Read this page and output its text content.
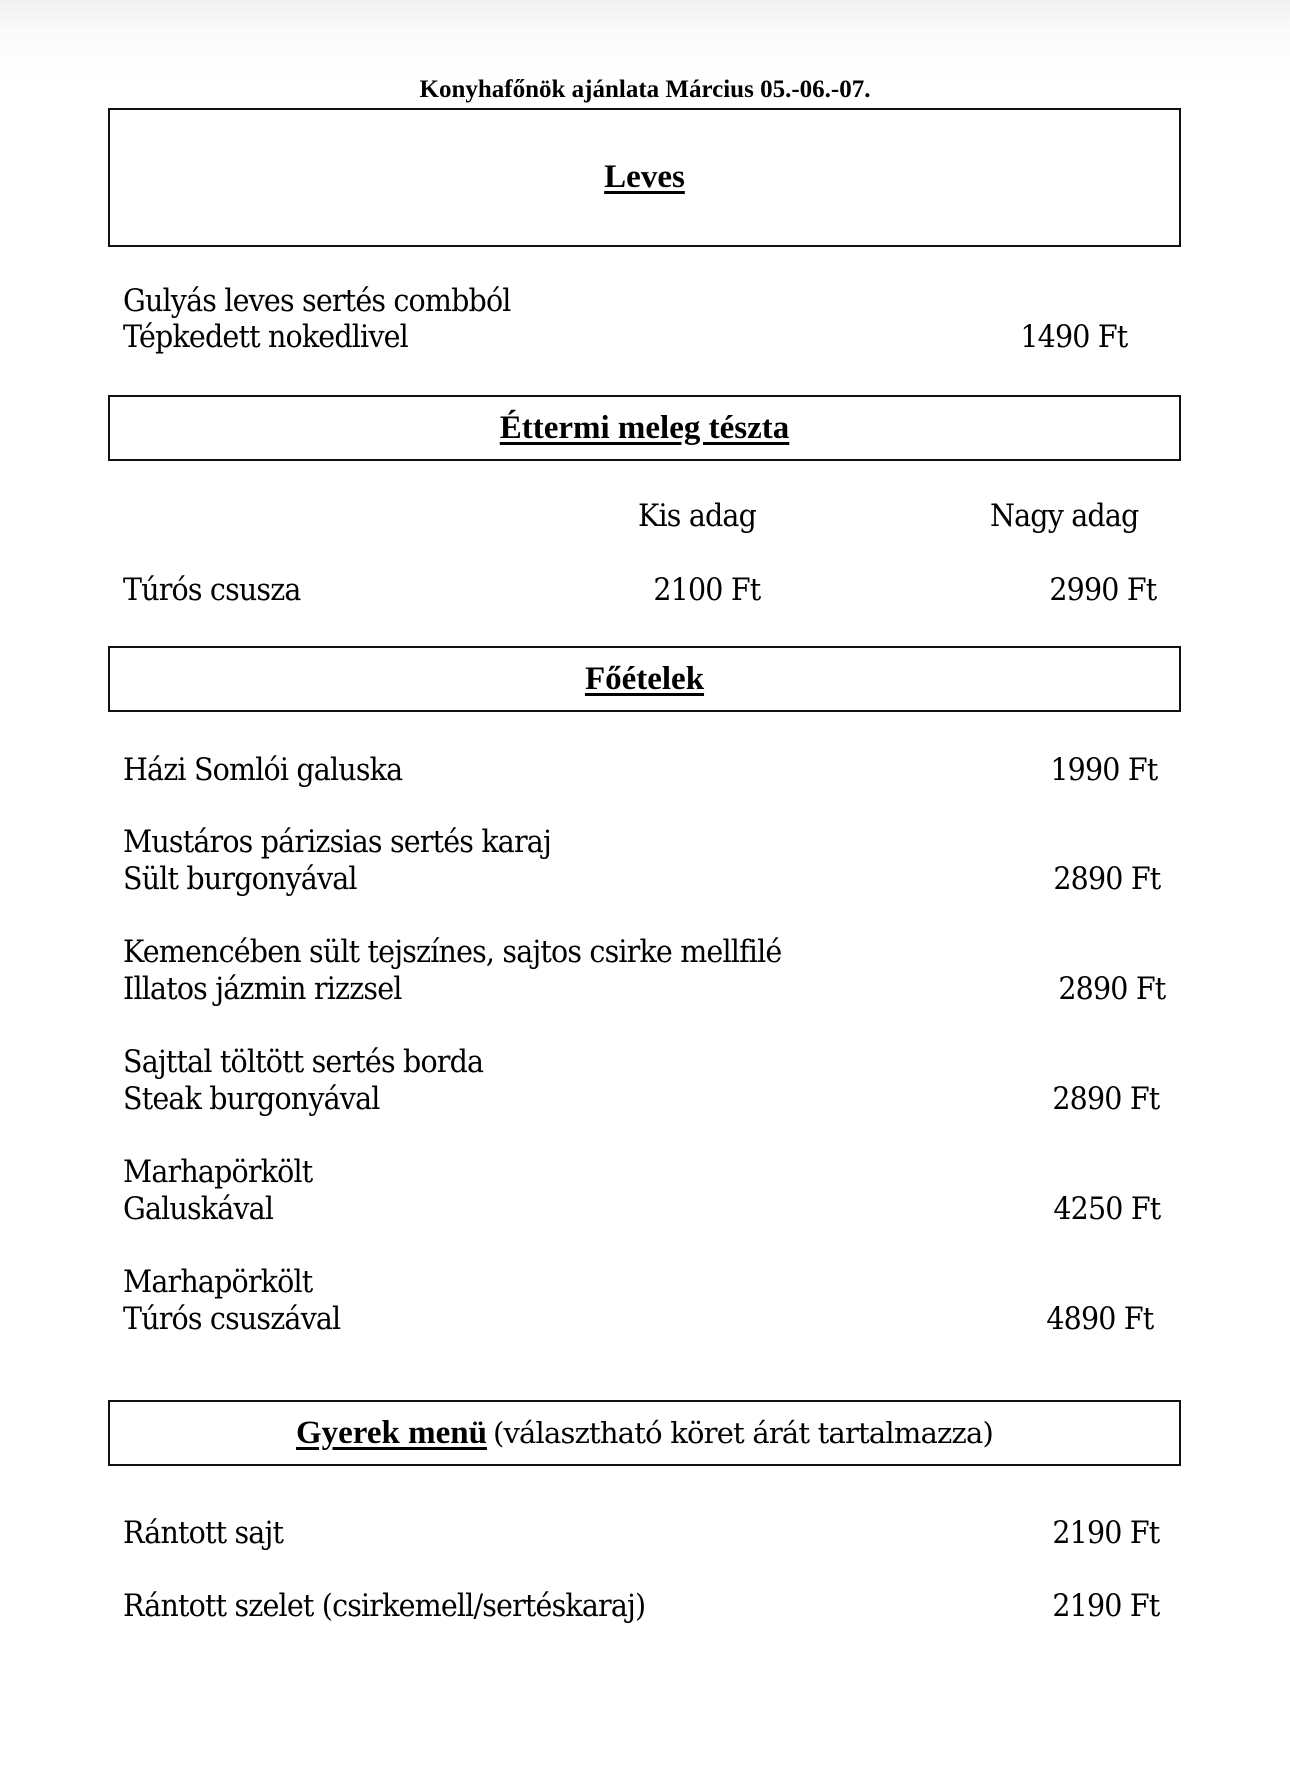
Konyhafőnök ajánlata Március 05.-06.-07.
Leves
Gulyás leves sertés combból
Tépkedett nokedlivel	1490 Ft
Éttermi meleg tészta
Kis adag	Nagy adag
Túrós csusza	2100 Ft	2990 Ft
Főételek
Házi Somlói galuska	1990 Ft
Mustáros párizsias sertés karaj
Sült burgonyával	2890 Ft
Kemencében sült tejszínes, sajtos csirke mellfilé
Illatos jázmin rizzsel	2890 Ft
Sajttal töltött sertés borda
Steak burgonyával	2890 Ft
Marhapörkölt
Galuskával	4250 Ft
Marhapörkölt
Túrós csuszával	4890 Ft
Gyerek menü (választható köret árát tartalmazza)
Rántott sajt	2190 Ft
Rántott szelet (csirkemell/sertéskaraj)	2190 Ft
